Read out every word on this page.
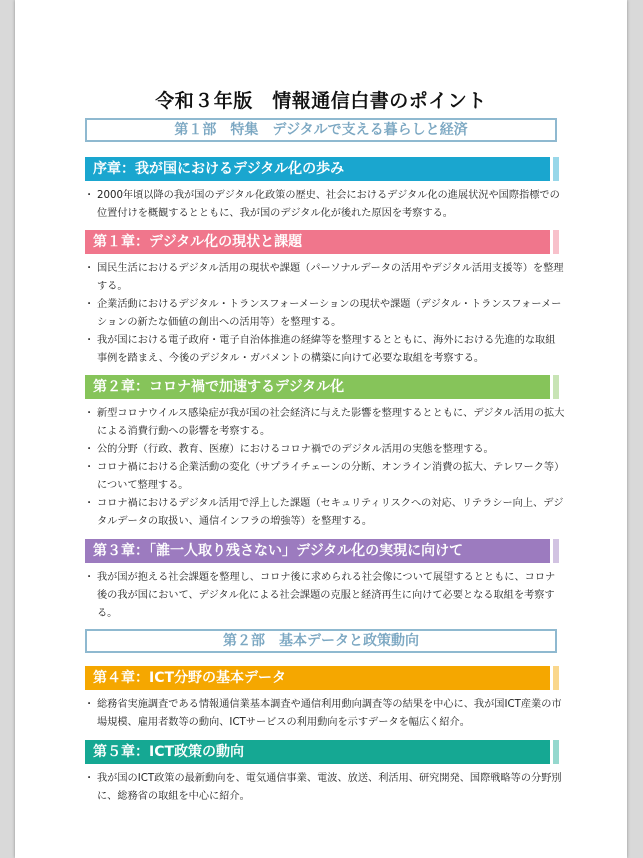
令和３年版　情報通信白書のポイント
第１部　特集　デジタルで支える暮らしと経済
序章：我が国におけるデジタル化の歩み
・ 2000年頃以降の我が国のデジタル化政策の歴史、社会におけるデジタル化の進展状況や国際指標での位置付けを概観するとともに、我が国のデジタル化が後れた原因を考察する。
第１章：デジタル化の現状と課題
・ 国民生活におけるデジタル活用の現状や課題（パーソナルデータの活用やデジタル活用支援等）を整理する。
・ 企業活動におけるデジタル・トランスフォーメーションの現状や課題（デジタル・トランスフォーメーションの新たな価値の創出への活用等）を整理する。
・ 我が国における電子政府・電子自治体推進の経緯等を整理するとともに、海外における先進的な取組事例を踏まえ、今後のデジタル・ガバメントの構築に向けて必要な取組を考察する。
第２章：コロナ禍で加速するデジタル化
・ 新型コロナウイルス感染症が我が国の社会経済に与えた影響を整理するとともに、デジタル活用の拡大による消費行動への影響を考察する。
・ 公的分野（行政、教育、医療）におけるコロナ禍でのデジタル活用の実態を整理する。
・ コロナ禍における企業活動の変化（サプライチェーンの分断、オンライン消費の拡大、テレワーク等）について整理する。
・ コロナ禍におけるデジタル活用で浮上した課題（セキュリティリスクへの対応、リテラシー向上、デジタルデータの取扱い、通信インフラの増強等）を整理する。
第３章：「誰一人取り残さない」デジタル化の実現に向けて
・ 我が国が抱える社会課題を整理し、コロナ後に求められる社会像について展望するとともに、コロナ後の我が国において、デジタル化による社会課題の克服と経済再生に向けて必要となる取組を考察する。
第２部　基本データと政策動向
第４章：ICT分野の基本データ
・ 総務省実施調査である情報通信業基本調査や通信利用動向調査等の結果を中心に、我が国ICT産業の市場規模、雇用者数等の動向、ICTサービスの利用動向を示すデータを幅広く紹介。
第５章：ICT政策の動向
・ 我が国のICT政策の最新動向を、電気通信事業、電波、放送、利活用、研究開発、国際戦略等の分野別に、総務省の取組を中心に紹介。
